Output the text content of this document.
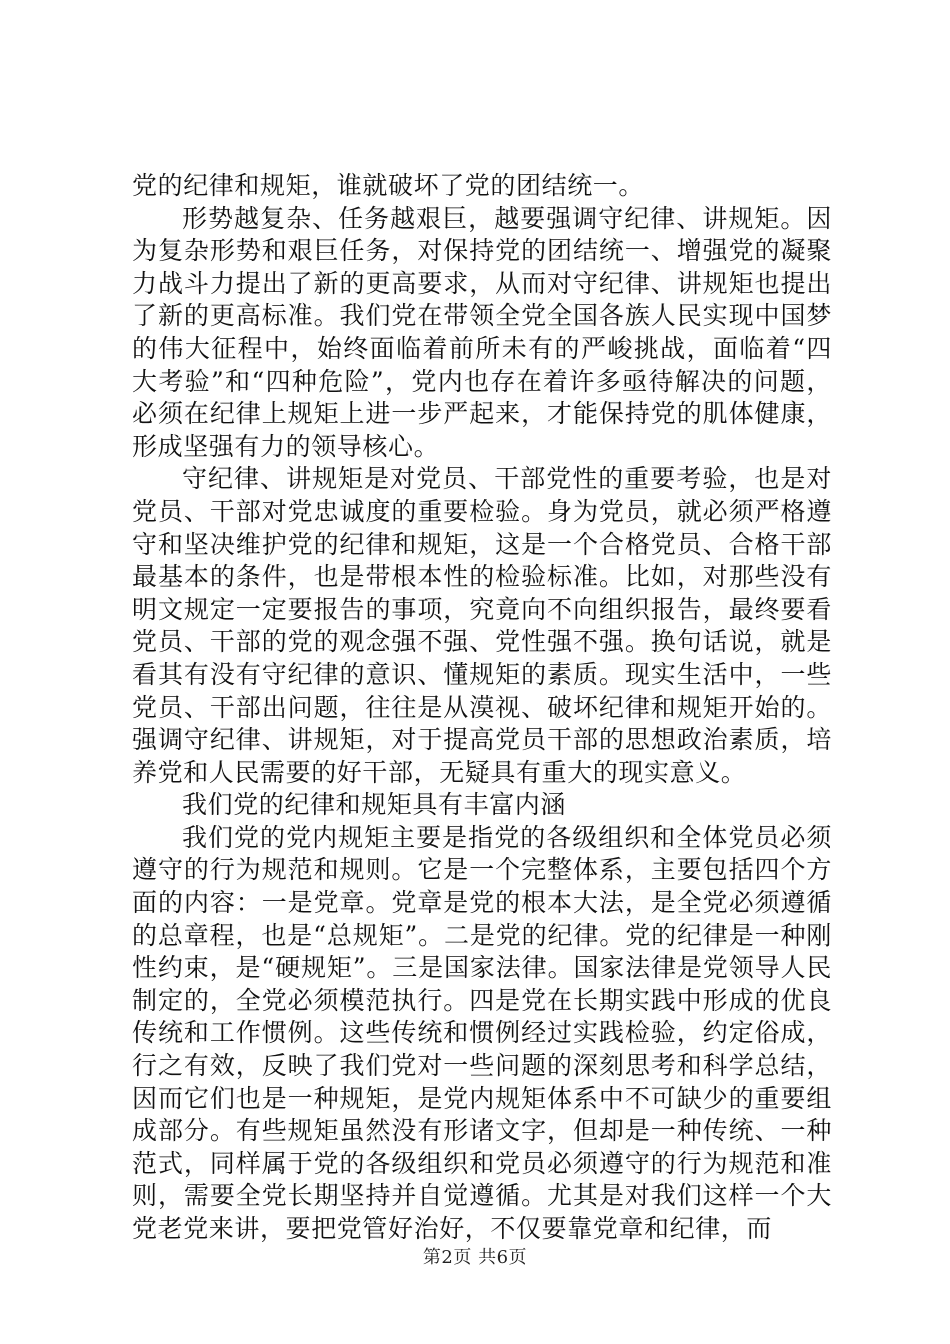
党的纪律和规矩，谁就破坏了党的团结统一。

形势越复杂、任务越艰巨，越要强调守纪律、讲规矩。因为复杂形势和艰巨任务，对保持党的团结统一、增强党的凝聚力战斗力提出了新的更高要求，从而对守纪律、讲规矩也提出了新的更高标准。我们党在带领全党全国各族人民实现中国梦的伟大征程中，始终面临着前所未有的严峻挑战，面临着“四大考验”和“四种危险”，党内也存在着许多亟待解决的问题，必须在纪律上规矩上进一步严起来，才能保持党的肌体健康，形成坚强有力的领导核心。

守纪律、讲规矩是对党员、干部党性的重要考验，也是对党员、干部对党忠诚度的重要检验。身为党员，就必须严格遵守和坚决维护党的纪律和规矩，这是一个合格党员、合格干部最基本的条件，也是带根本性的检验标准。比如，对那些没有明文规定一定要报告的事项，究竟向不向组织报告，最终要看党员、干部的党的观念强不强、党性强不强。换句话说，就是看其有没有守纪律的意识、懂规矩的素质。现实生活中，一些党员、干部出问题，往往是从漠视、破坏纪律和规矩开始的。强调守纪律、讲规矩，对于提高党员干部的思想政治素质，培养党和人民需要的好干部，无疑具有重大的现实意义。

我们党的纪律和规矩具有丰富内涵

我们党的党内规矩主要是指党的各级组织和全体党员必须遵守的行为规范和规则。它是一个完整体系，主要包括四个方面的内容：一是党章。党章是党的根本大法，是全党必须遵循的总章程，也是“总规矩”。二是党的纪律。党的纪律是一种刚性约束，是“硬规矩”。三是国家法律。国家法律是党领导人民制定的，全党必须模范执行。四是党在长期实践中形成的优良传统和工作惯例。这些传统和惯例经过实践检验，约定俗成，行之有效，反映了我们党对一些问题的深刻思考和科学总结，因而它们也是一种规矩，是党内规矩体系中不可缺少的重要组成部分。有些规矩虽然没有形诸文字，但却是一种传统、一种范式，同样属于党的各级组织和党员必须遵守的行为规范和准则，需要全党长期坚持并自觉遵循。尤其是对我们这样一个大党老党来讲，要把党管好治好，不仅要靠党章和纪律，而

第2页 共6页
